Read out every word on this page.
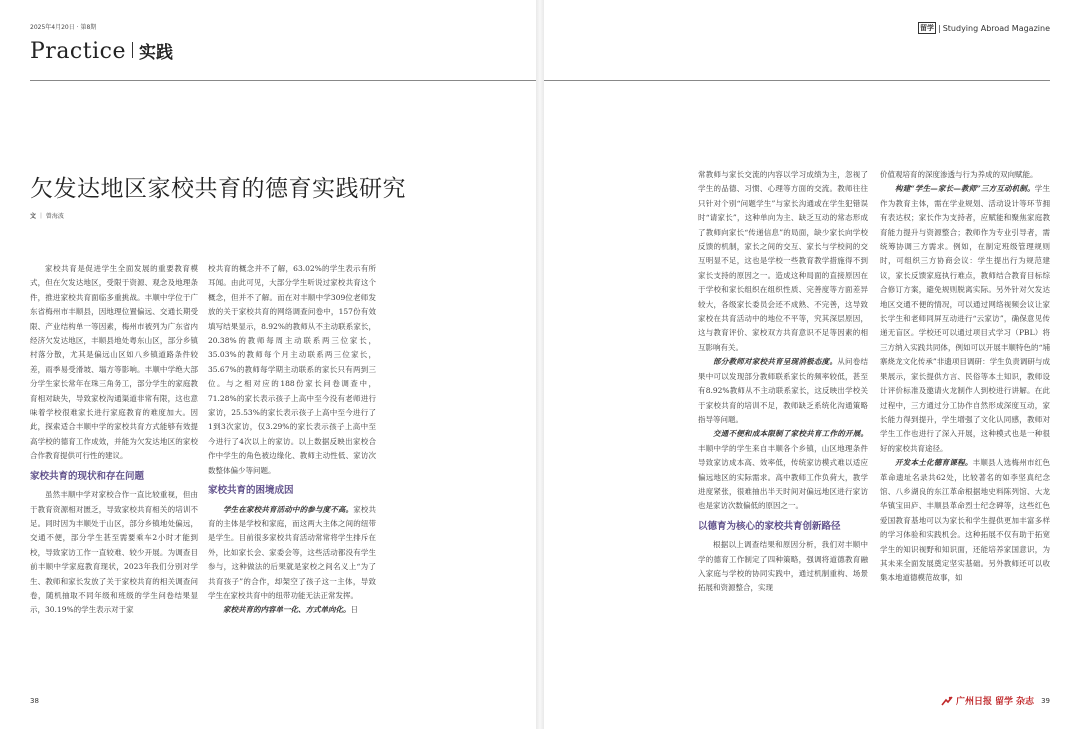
2025年4月20日 · 第8期
Practice 实践
欠发达地区家校共育的德育实践研究
文 ｜ 曾海波

家校共育是促进学生全面发展的重要教育模式，但在欠发达地区，受限于资源、观念及地理条件，推进家校共育面临多重挑战。丰顺中学位于广东省梅州市丰顺县，因地理位置偏远、交通长期受限、产业结构单一等因素，梅州市被列为广东省内经济欠发达地区，丰顺县地处粤东山区，部分乡镇村落分散，尤其是偏远山区如八乡镇道路条件较差，雨季易受滑坡、塌方等影响。丰顺中学绝大部分学生家长常年在珠三角务工，部分学生的家庭教育相对缺失，导致家校沟通渠道非常有限，这也意味着学校很难家长进行家庭教育的难度加大。因此，探索适合丰顺中学的家校共育方式能够有效提高学校的德育工作成效，并能为欠发达地区的家校合作教育提供可行性的建议。

家校共育的现状和存在问题

虽然丰顺中学对家校合作一直比较重视，但由于教育资源相对匮乏，导致家校共育相关的培训不足。同时因为丰顺处于山区，部分乡镇地处偏远，交通不便，部分学生甚至需要乘车2小时才能到校，导致家访工作一直较难、较少开展。为调查目前丰顺中学家庭教育现状，2023年我们分别对学生、教师和家长发放了关于家校共育的相关调查问卷，随机抽取不同年级和班级的学生问卷结果显示，30.19%的学生表示对于家

校共育的概念并不了解，63.02%的学生表示有所耳闻。由此可见，大部分学生听说过家校共育这个概念，但并不了解。而在对丰顺中学309位老师发放的关于家校共育的网络调查问卷中，157份有效填写结果显示，8.92%的教师从不主动联系家长，20.38%的教师每周主动联系两三位家长，35.03%的教师每个月主动联系两三位家长，35.67%的教师每学期主动联系的家长只有两到三位。与之相对应的188份家长问卷调查中，71.28%的家长表示孩子上高中至今没有老师进行家访，25.53%的家长表示孩子上高中至今进行了1到3次家访，仅3.29%的家长表示孩子上高中至今进行了4次以上的家访。以上数据反映出家校合作中学生的角色被边缘化、教师主动性低、家访次数整体偏少等问题。

家校共育的困境成因

学生在家校共育活动中的参与度不高。家校共育的主体是学校和家庭，而这两大主体之间的纽带是学生。目前很多家校共育活动常常将学生排斥在外，比如家长会、家委会等，这些活动都没有学生参与，这种做法的后果就是家校之间名义上“为了共育孩子”的合作，却架空了孩子这一主体，导致学生在家校共育中的纽带功能无法正常发挥。

家校共育的内容单一化、方式单向化。日

38
留学 | Studying Abroad Magazine

常教师与家长交流的内容以学习成绩为主，忽视了学生的品德、习惯、心理等方面的交流。教师往往只针对个别“问题学生”与家长沟通或在学生犯错误时“请家长”，这种单向为主、缺乏互动的常态形成了教师向家长“传递信息”的局面，缺少家长向学校反馈的机制，家长之间的交互、家长与学校间的交互明显不足，这也是学校一些教育教学措施得不到家长支持的原因之一。造成这种局面的直接原因在于学校和家长组织在组织性质、完善度等方面差异较大，各级家长委员会还不成熟、不完善，这导致家校在共育活动中的地位不平等，究其深层原因，这与教育评价、家校双方共育意识不足等因素的相互影响有关。

部分教师对家校共育呈现消极态度。从问卷结果中可以发现部分教师联系家长的频率较低，甚至有8.92%教师从不主动联系家长，这反映出学校关于家校共育的培训不足，教师缺乏系统化沟通策略指导等问题。

交通不便和成本限制了家校共育工作的开展。丰顺中学的学生来自丰顺各个乡镇，山区地理条件导致家访成本高、效率低，传统家访模式难以适应偏远地区的实际需求。高中教师工作负荷大，教学进度紧张，很难抽出半天时间对偏远地区进行家访也是家访次数偏低的原因之一。

以德育为核心的家校共育创新路径

根据以上调查结果和原因分析，我们对丰顺中学的德育工作制定了四种策略，强调将道德教育融入家庭与学校的协同实践中，通过机制重构、场景拓展和资源整合，实现

价值观培育的深度渗透与行为养成的双向赋能。

构建“学生—家长—教师”三方互动机制。学生作为教育主体，需在学业规划、活动设计等环节拥有表达权；家长作为支持者，应赋能和聚焦家庭教育能力提升与资源整合；教师作为专业引导者，需统筹协调三方需求。例如，在制定班级管理规则时，可组织三方协商会议：学生提出行为规范建议，家长反馈家庭执行难点，教师结合教育目标综合修订方案，避免规则脱离实际。另外针对欠发达地区交通不便的情况，可以通过网络视频会议让家长学生和老师同屏互动进行“云家访”，确保意见传递无盲区。学校还可以通过项目式学习（PBL）将三方纳入实践共同体，例如可以开展丰顺特色的“埔寨烧龙文化传承”非遗项目调研：学生负责调研与成果展示，家长提供方言、民俗等本土知识，教师设计评价标准及邀请火龙制作人到校进行讲解。在此过程中，三方通过分工协作自然形成深度互动，家长能力得到提升，学生增强了文化认同感，教师对学生工作也进行了深入开展，这种模式也是一种很好的家校共育途径。

开发本土化德育课程。丰顺县人选梅州市红色革命遗址名录共62处，比较著名的如李坚真纪念馆、八乡湖良的东江革命根据地史料陈列馆、大龙华镇宝田庐、丰顺县革命烈士纪念碑等，这些红色爱国教育基地可以为家长和学生提供更加丰富多样的学习体验和实践机会。这种拓展不仅有助于拓宽学生的知识视野和知识面，还能培养家国意识，为其未来全面发展奠定坚实基础。另外教师还可以收集本地道德模范故事，如

广州日报 留学 杂志 39
